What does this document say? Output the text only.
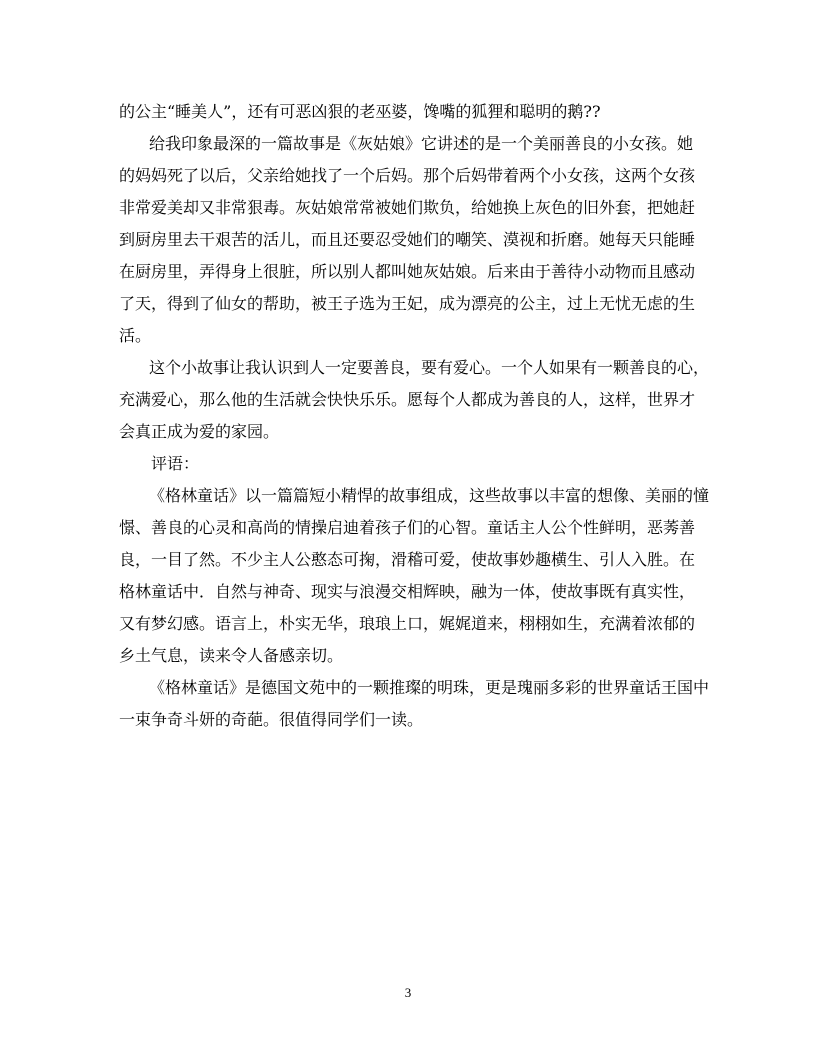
的公主“睡美人”，还有可恶凶狠的老巫婆，馋嘴的狐狸和聪明的鹅??
给我印象最深的一篇故事是《灰姑娘》它讲述的是一个美丽善良的小女孩。她
的妈妈死了以后，父亲给她找了一个后妈。那个后妈带着两个小女孩，这两个女孩
非常爱美却又非常狠毒。灰姑娘常常被她们欺负，给她换上灰色的旧外套，把她赶
到厨房里去干艰苦的活儿，而且还要忍受她们的嘲笑、漠视和折磨。她每天只能睡
在厨房里，弄得身上很脏，所以别人都叫她灰姑娘。后来由于善待小动物而且感动
了天，得到了仙女的帮助，被王子选为王妃，成为漂亮的公主，过上无忧无虑的生
活。
这个小故事让我认识到人一定要善良，要有爱心。一个人如果有一颗善良的心，
充满爱心，那么他的生活就会快快乐乐。愿每个人都成为善良的人，这样，世界才
会真正成为爱的家园。
评语：
《格林童话》以一篇篇短小精悍的故事组成，这些故事以丰富的想像、美丽的憧
憬、善良的心灵和高尚的情操启迪着孩子们的心智。童话主人公个性鲜明，恶莠善
良，一目了然。不少主人公憨态可掬，滑稽可爱，使故事妙趣横生、引人入胜。在
格林童话中．自然与神奇、现实与浪漫交相辉映，融为一体，使故事既有真实性，
又有梦幻感。语言上，朴实无华，琅琅上口，娓娓道来，栩栩如生，充满着浓郁的
乡土气息，读来令人备感亲切。
《格林童话》是德国文苑中的一颗推璨的明珠，更是瑰丽多彩的世界童话王国中
一束争奇斗妍的奇葩。很值得同学们一读。
3
